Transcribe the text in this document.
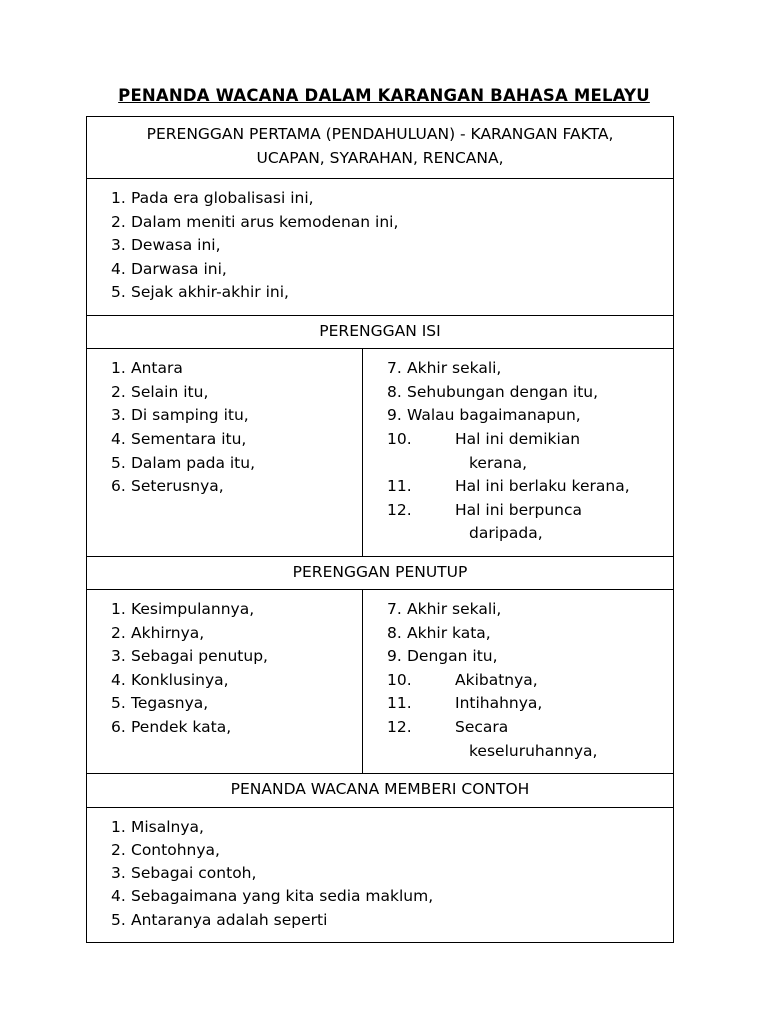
PENANDA WACANA DALAM KARANGAN BAHASA MELAYU
PERENGGAN PERTAMA (PENDAHULUAN) - KARANGAN FAKTA,
UCAPAN, SYARAHAN, RENCANA,
1. Pada era globalisasi ini,
2. Dalam meniti arus kemodenan ini,
3. Dewasa ini,
4. Darwasa ini,
5. Sejak akhir-akhir ini,
PERENGGAN ISI
1. Antara
2. Selain itu,
3. Di samping itu,
4. Sementara itu,
5. Dalam pada itu,
6. Seterusnya,
7. Akhir sekali,
8. Sehubungan dengan itu,
9. Walau bagaimanapun,
10.	Hal ini demikian
kerana,
11.	Hal ini berlaku kerana,
12.	Hal ini berpunca
daripada,
PERENGGAN PENUTUP
1. Kesimpulannya,
2. Akhirnya,
3. Sebagai penutup,
4. Konklusinya,
5. Tegasnya,
6. Pendek kata,
7. Akhir sekali,
8. Akhir kata,
9. Dengan itu,
10.	Akibatnya,
11.	Intihahnya,
12.	Secara
keseluruhannya,
PENANDA WACANA MEMBERI CONTOH
1. Misalnya,
2. Contohnya,
3. Sebagai contoh,
4. Sebagaimana yang kita sedia maklum,
5. Antaranya adalah seperti
